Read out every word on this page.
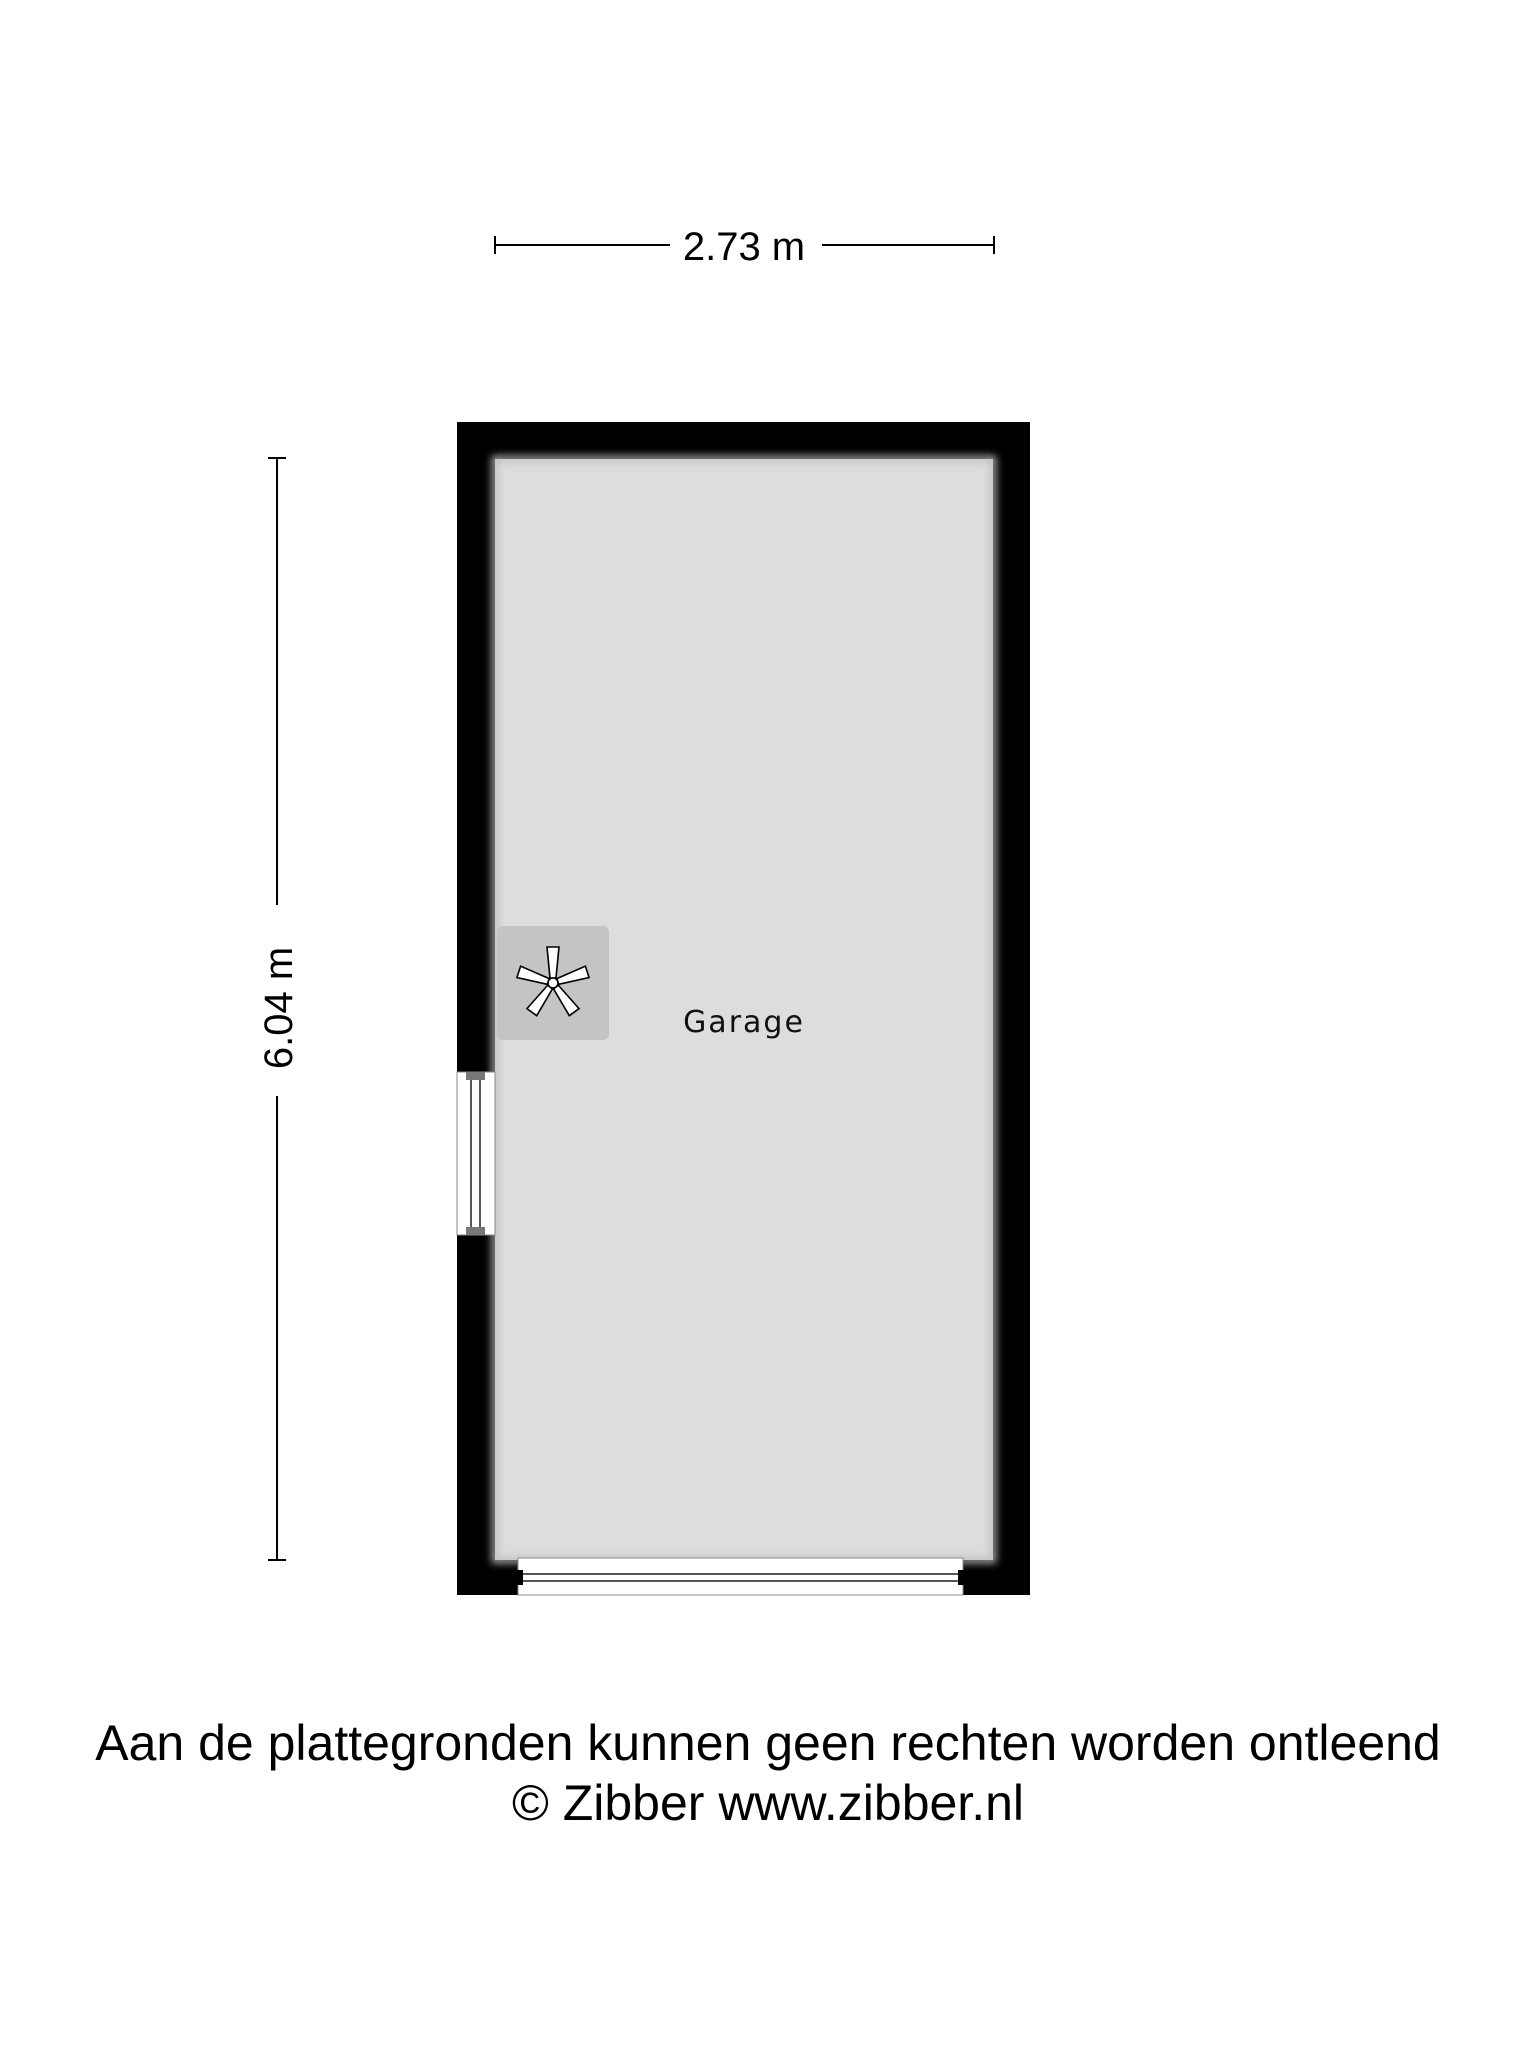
2.73 m
6.04 m	Garage
Aan de plattegronden kunnen geen rechten worden ontleend
© Zibber www.zibber.nl
